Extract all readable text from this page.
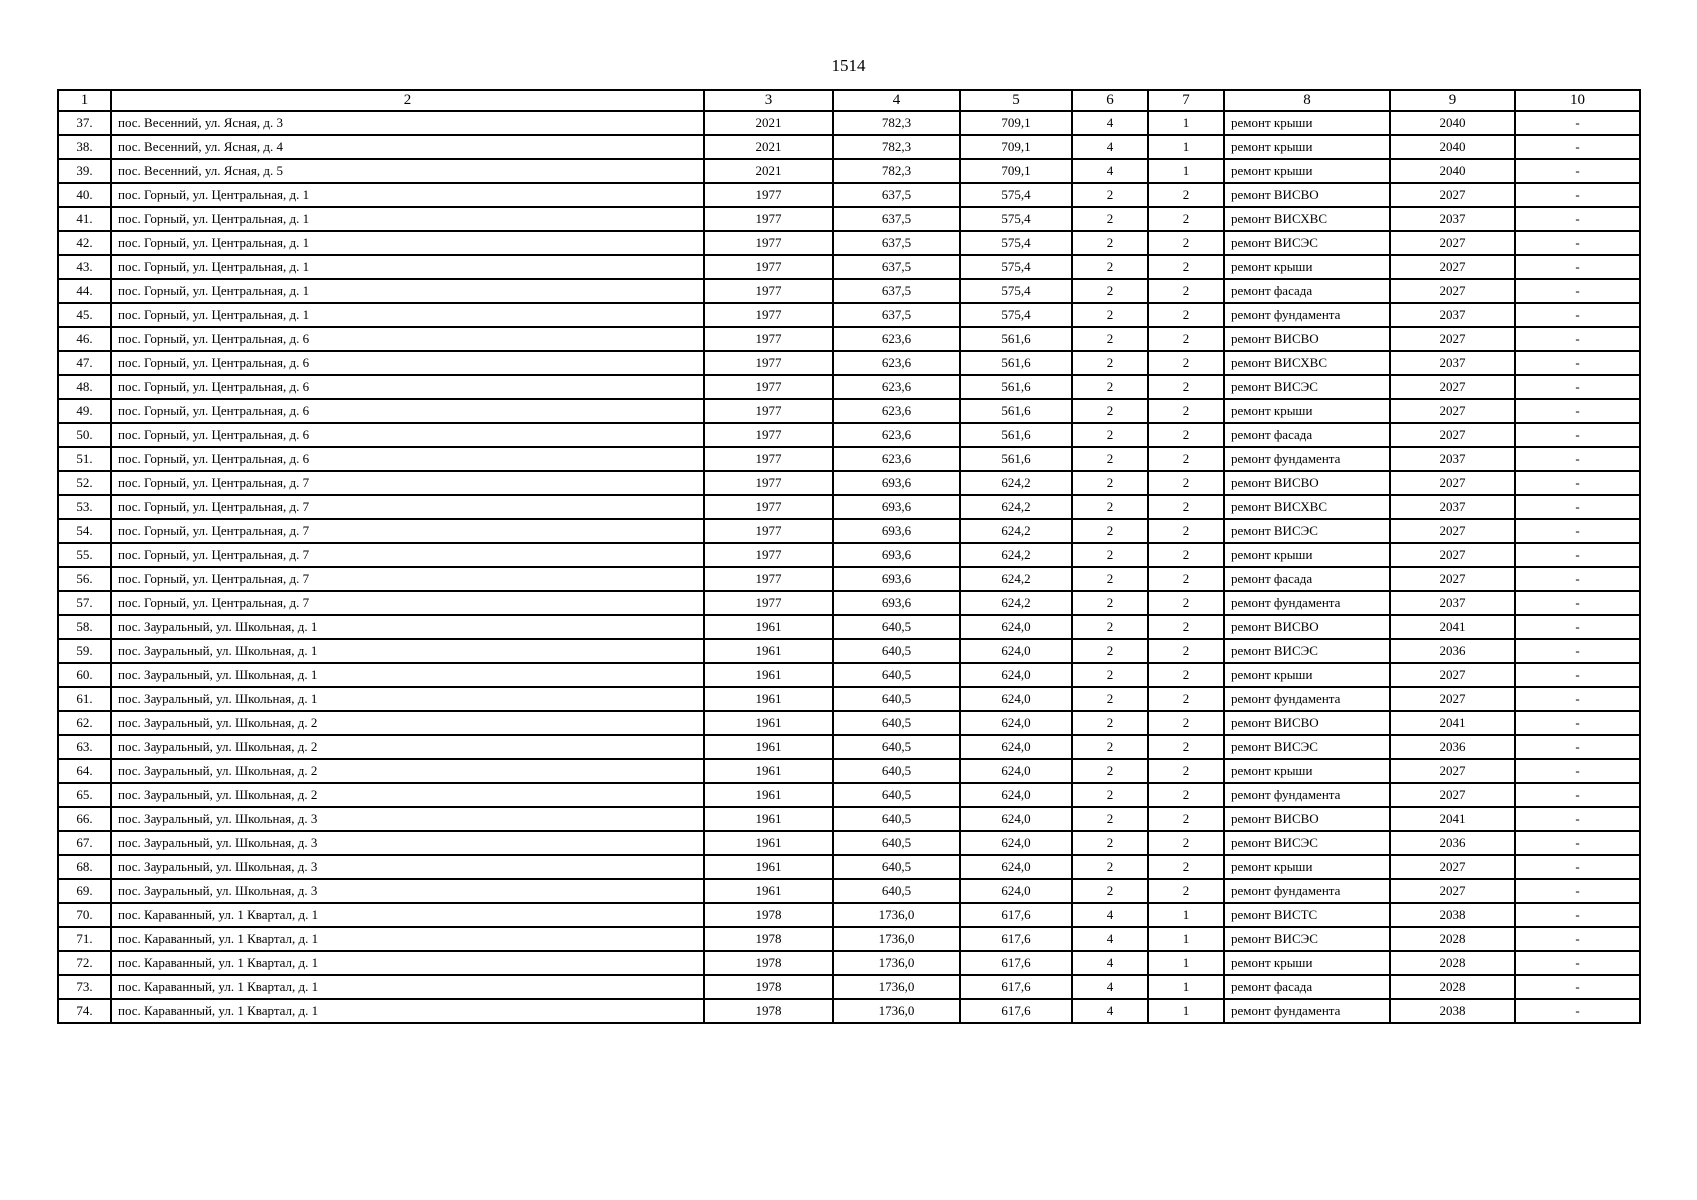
1514
1	2	3	4	5	6	7	8	9	10
37.	пос. Весенний, ул. Ясная, д. 3	2021	782,3	709,1	4	1	ремонт крыши	2040	-
38.	пос. Весенний, ул. Ясная, д. 4	2021	782,3	709,1	4	1	ремонт крыши	2040	-
39.	пос. Весенний, ул. Ясная, д. 5	2021	782,3	709,1	4	1	ремонт крыши	2040	-
40.	пос. Горный, ул. Центральная, д. 1	1977	637,5	575,4	2	2	ремонт ВИСВО	2027	-
41.	пос. Горный, ул. Центральная, д. 1	1977	637,5	575,4	2	2	ремонт ВИСХВС	2037	-
42.	пос. Горный, ул. Центральная, д. 1	1977	637,5	575,4	2	2	ремонт ВИСЭС	2027	-
43.	пос. Горный, ул. Центральная, д. 1	1977	637,5	575,4	2	2	ремонт крыши	2027	-
44.	пос. Горный, ул. Центральная, д. 1	1977	637,5	575,4	2	2	ремонт фасада	2027	-
45.	пос. Горный, ул. Центральная, д. 1	1977	637,5	575,4	2	2	ремонт фундамента	2037	-
46.	пос. Горный, ул. Центральная, д. 6	1977	623,6	561,6	2	2	ремонт ВИСВО	2027	-
47.	пос. Горный, ул. Центральная, д. 6	1977	623,6	561,6	2	2	ремонт ВИСХВС	2037	-
48.	пос. Горный, ул. Центральная, д. 6	1977	623,6	561,6	2	2	ремонт ВИСЭС	2027	-
49.	пос. Горный, ул. Центральная, д. 6	1977	623,6	561,6	2	2	ремонт крыши	2027	-
50.	пос. Горный, ул. Центральная, д. 6	1977	623,6	561,6	2	2	ремонт фасада	2027	-
51.	пос. Горный, ул. Центральная, д. 6	1977	623,6	561,6	2	2	ремонт фундамента	2037	-
52.	пос. Горный, ул. Центральная, д. 7	1977	693,6	624,2	2	2	ремонт ВИСВО	2027	-
53.	пос. Горный, ул. Центральная, д. 7	1977	693,6	624,2	2	2	ремонт ВИСХВС	2037	-
54.	пос. Горный, ул. Центральная, д. 7	1977	693,6	624,2	2	2	ремонт ВИСЭС	2027	-
55.	пос. Горный, ул. Центральная, д. 7	1977	693,6	624,2	2	2	ремонт крыши	2027	-
56.	пос. Горный, ул. Центральная, д. 7	1977	693,6	624,2	2	2	ремонт фасада	2027	-
57.	пос. Горный, ул. Центральная, д. 7	1977	693,6	624,2	2	2	ремонт фундамента	2037	-
58.	пос. Зауральный, ул. Школьная, д. 1	1961	640,5	624,0	2	2	ремонт ВИСВО	2041	-
59.	пос. Зауральный, ул. Школьная, д. 1	1961	640,5	624,0	2	2	ремонт ВИСЭС	2036	-
60.	пос. Зауральный, ул. Школьная, д. 1	1961	640,5	624,0	2	2	ремонт крыши	2027	-
61.	пос. Зауральный, ул. Школьная, д. 1	1961	640,5	624,0	2	2	ремонт фундамента	2027	-
62.	пос. Зауральный, ул. Школьная, д. 2	1961	640,5	624,0	2	2	ремонт ВИСВО	2041	-
63.	пос. Зауральный, ул. Школьная, д. 2	1961	640,5	624,0	2	2	ремонт ВИСЭС	2036	-
64.	пос. Зауральный, ул. Школьная, д. 2	1961	640,5	624,0	2	2	ремонт крыши	2027	-
65.	пос. Зауральный, ул. Школьная, д. 2	1961	640,5	624,0	2	2	ремонт фундамента	2027	-
66.	пос. Зауральный, ул. Школьная, д. 3	1961	640,5	624,0	2	2	ремонт ВИСВО	2041	-
67.	пос. Зауральный, ул. Школьная, д. 3	1961	640,5	624,0	2	2	ремонт ВИСЭС	2036	-
68.	пос. Зауральный, ул. Школьная, д. 3	1961	640,5	624,0	2	2	ремонт крыши	2027	-
69.	пос. Зауральный, ул. Школьная, д. 3	1961	640,5	624,0	2	2	ремонт фундамента	2027	-
70.	пос. Караванный, ул. 1 Квартал, д. 1	1978	1736,0	617,6	4	1	ремонт ВИСТС	2038	-
71.	пос. Караванный, ул. 1 Квартал, д. 1	1978	1736,0	617,6	4	1	ремонт ВИСЭС	2028	-
72.	пос. Караванный, ул. 1 Квартал, д. 1	1978	1736,0	617,6	4	1	ремонт крыши	2028	-
73.	пос. Караванный, ул. 1 Квартал, д. 1	1978	1736,0	617,6	4	1	ремонт фасада	2028	-
74.	пос. Караванный, ул. 1 Квартал, д. 1	1978	1736,0	617,6	4	1	ремонт фундамента	2038	-
